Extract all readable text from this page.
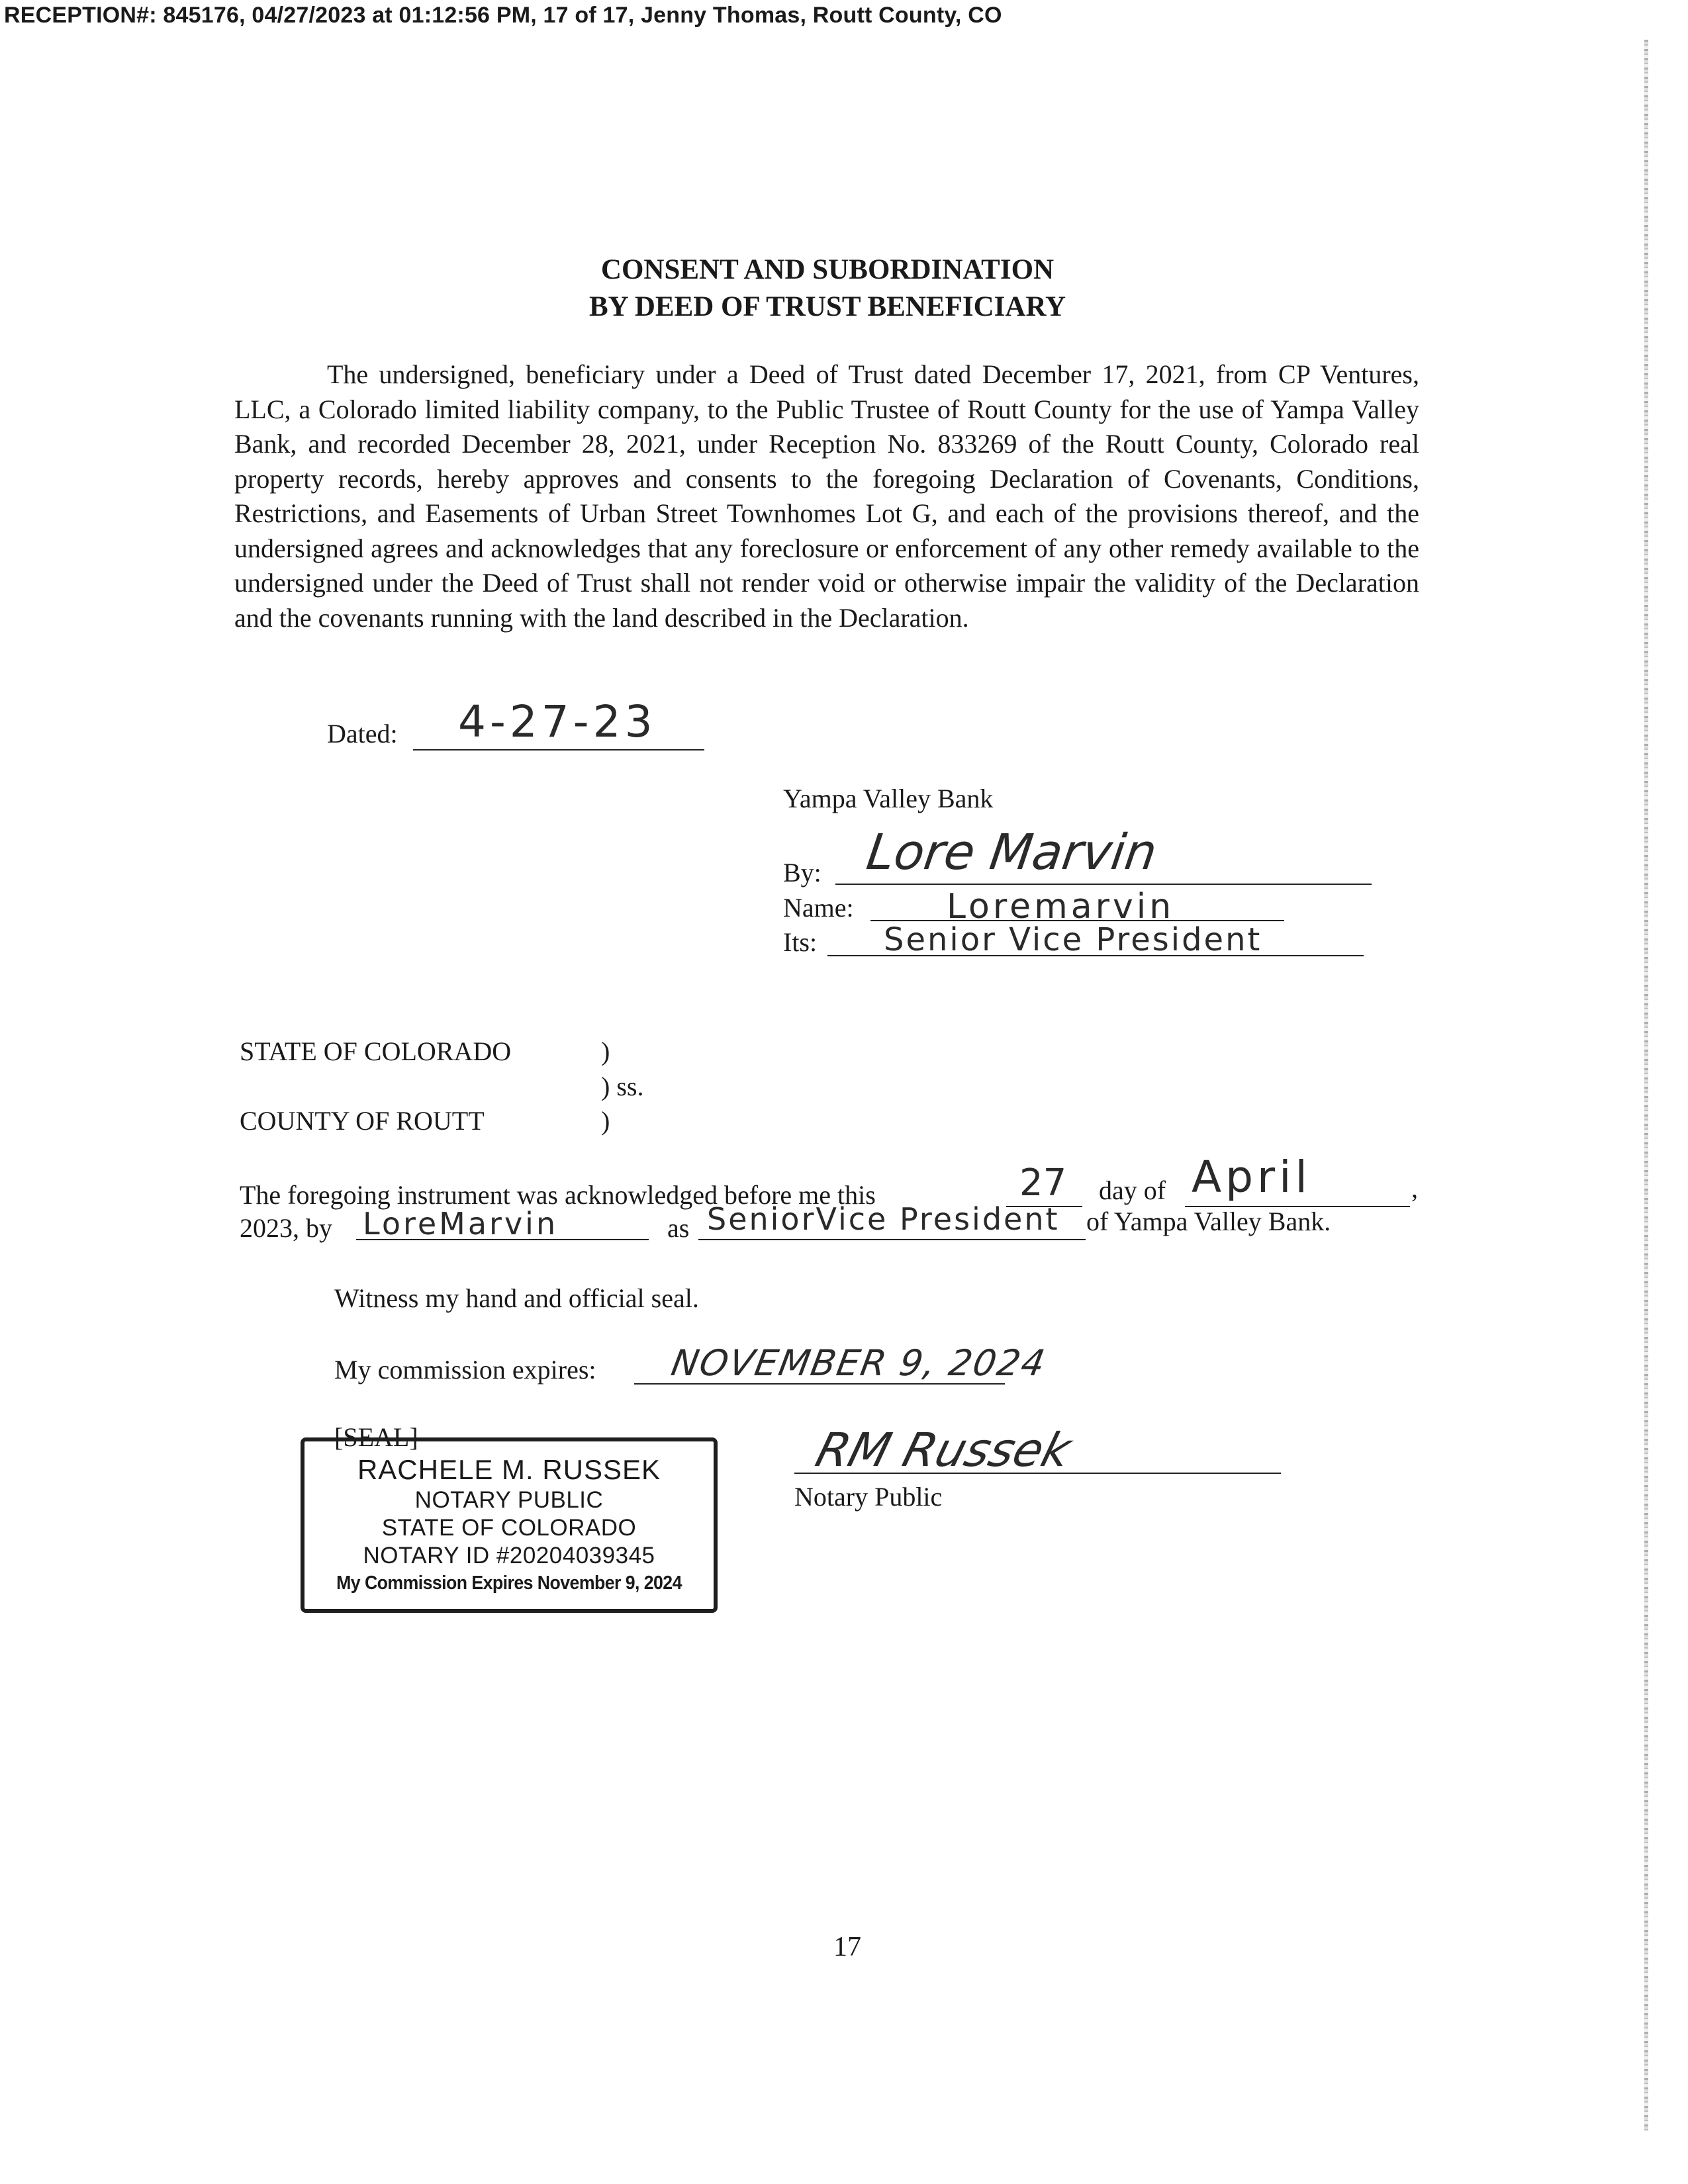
RECEPTION#: 845176, 04/27/2023 at 01:12:56 PM, 17 of 17, Jenny Thomas, Routt County, CO
CONSENT AND SUBORDINATION
BY DEED OF TRUST BENEFICIARY
The undersigned, beneficiary under a Deed of Trust dated December 17, 2021, from CP Ventures, LLC, a Colorado limited liability company, to the Public Trustee of Routt County for the use of Yampa Valley Bank, and recorded December 28, 2021, under Reception No. 833269 of the Routt County, Colorado real property records, hereby approves and consents to the foregoing Declaration of Covenants, Conditions, Restrictions, and Easements of Urban Street Townhomes Lot G, and each of the provisions thereof, and the undersigned agrees and acknowledges that any foreclosure or enforcement of any other remedy available to the undersigned under the Deed of Trust shall not render void or otherwise impair the validity of the Declaration and the covenants running with the land described in the Declaration.
Dated: 4-27-23
Yampa Valley Bank
By: Lore Marvin
Name:	Loremarvin
Its: Senior Vice President
STATE OF COLORADO	)
) ss.
COUNTY OF ROUTT	)
The foregoing instrument was acknowledged before me this	27 day of April	,
2023, by LoreMarvin	as SeniorVice President of Yampa Valley Bank.
Witness my hand and official seal.
My commission expires: NOVEMBER 9, 2024
[SEAL]	RM Russek
Notary Public
RACHELE M. RUSSEK
NOTARY PUBLIC
STATE OF COLORADO
NOTARY ID #20204039345
My Commission Expires November 9, 2024
17
